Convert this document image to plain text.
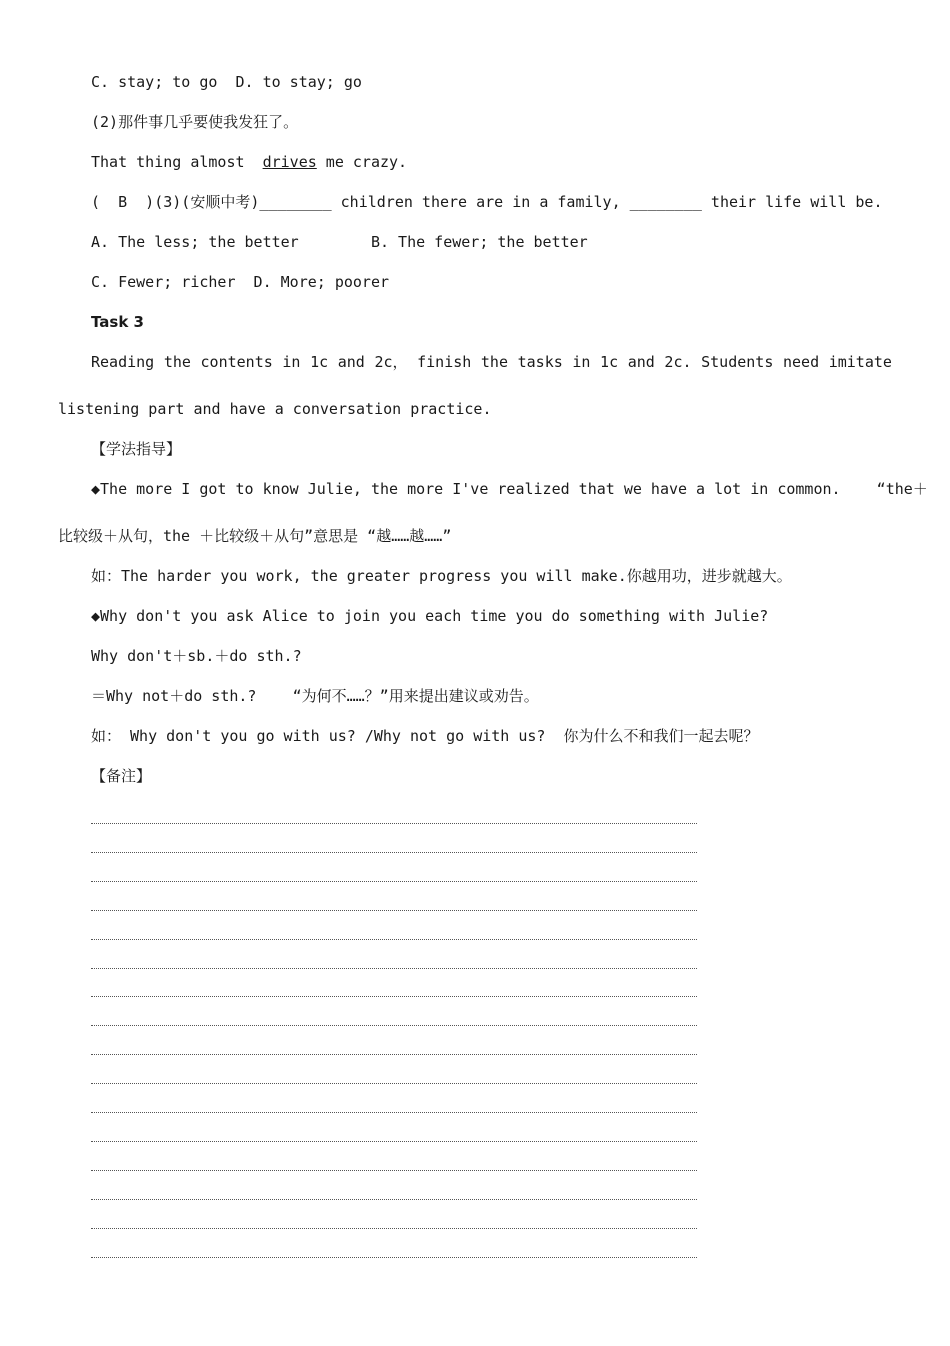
C. stay; to go  D. to stay; go
(2)那件事几乎要使我发狂了。
That thing almost  drives me crazy.
(  B  )(3)(安顺中考)________ children there are in a family, ________ their life will be.
A. The less; the better        B. The fewer; the better
C. Fewer; richer  D. More; poorer
Task 3
Reading the contents in 1c and 2c， finish the tasks in 1c and 2c. Students need imitate
listening part and have a conversation practice.
【学法指导】
◆The more I got to know Julie, the more I've realized that we have a lot in common.    “the＋
比较级＋从句，the ＋比较级＋从句”意思是 “越……越……”
如：The harder you work, the greater progress you will make.你越用功，进步就越大。
◆Why don't you ask Alice to join you each time you do something with Julie?
Why don't＋sb.＋do sth.?
＝Why not＋do sth.?    “为何不……？”用来提出建议或劝告。
如： Why don't you go with us? /Why not go with us?  你为什么不和我们一起去呢？
【备注】
